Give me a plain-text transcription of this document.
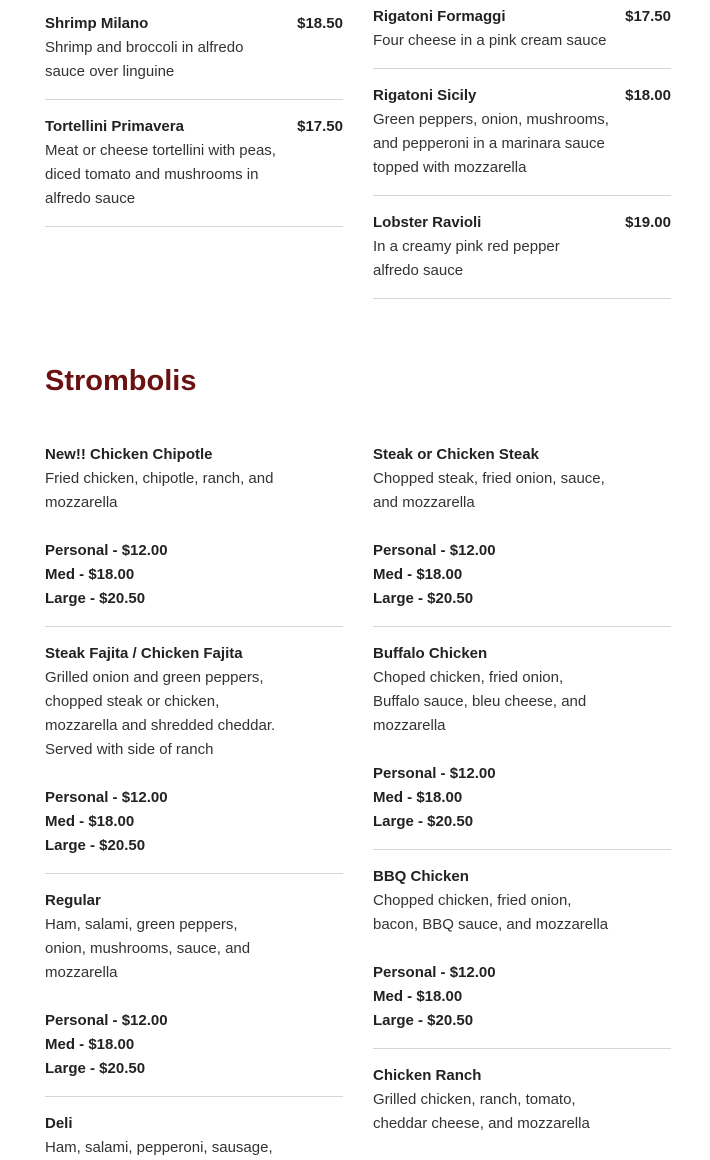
Shrimp Milano	$18.50
Shrimp and broccoli in alfredo sauce over linguine
Tortellini Primavera	$17.50
Meat or cheese tortellini with peas, diced tomato and mushrooms in alfredo sauce
Rigatoni Formaggi	$17.50
Four cheese in a pink cream sauce
Rigatoni Sicily	$18.00
Green peppers, onion, mushrooms, and pepperoni in a marinara sauce topped with mozzarella
Lobster Ravioli	$19.00
In a creamy pink red pepper alfredo sauce
Strombolis
New!! Chicken Chipotle
Fried chicken, chipotle, ranch, and mozzarella
Personal - $12.00
Med - $18.00
Large - $20.50
Steak Fajita / Chicken Fajita
Grilled onion and green peppers, chopped steak or chicken, mozzarella and shredded cheddar. Served with side of ranch
Personal - $12.00
Med - $18.00
Large - $20.50
Regular
Ham, salami, green peppers, onion, mushrooms, sauce, and mozzarella
Personal - $12.00
Med - $18.00
Large - $20.50
Deli
Ham, salami, pepperoni, sausage,
Steak or Chicken Steak
Chopped steak, fried onion, sauce, and mozzarella
Personal - $12.00
Med - $18.00
Large - $20.50
Buffalo Chicken
Choped chicken, fried onion, Buffalo sauce, bleu cheese, and mozzarella
Personal - $12.00
Med - $18.00
Large - $20.50
BBQ Chicken
Chopped chicken, fried onion, bacon, BBQ sauce, and mozzarella
Personal - $12.00
Med - $18.00
Large - $20.50
Chicken Ranch
Grilled chicken, ranch, tomato, cheddar cheese, and mozzarella
